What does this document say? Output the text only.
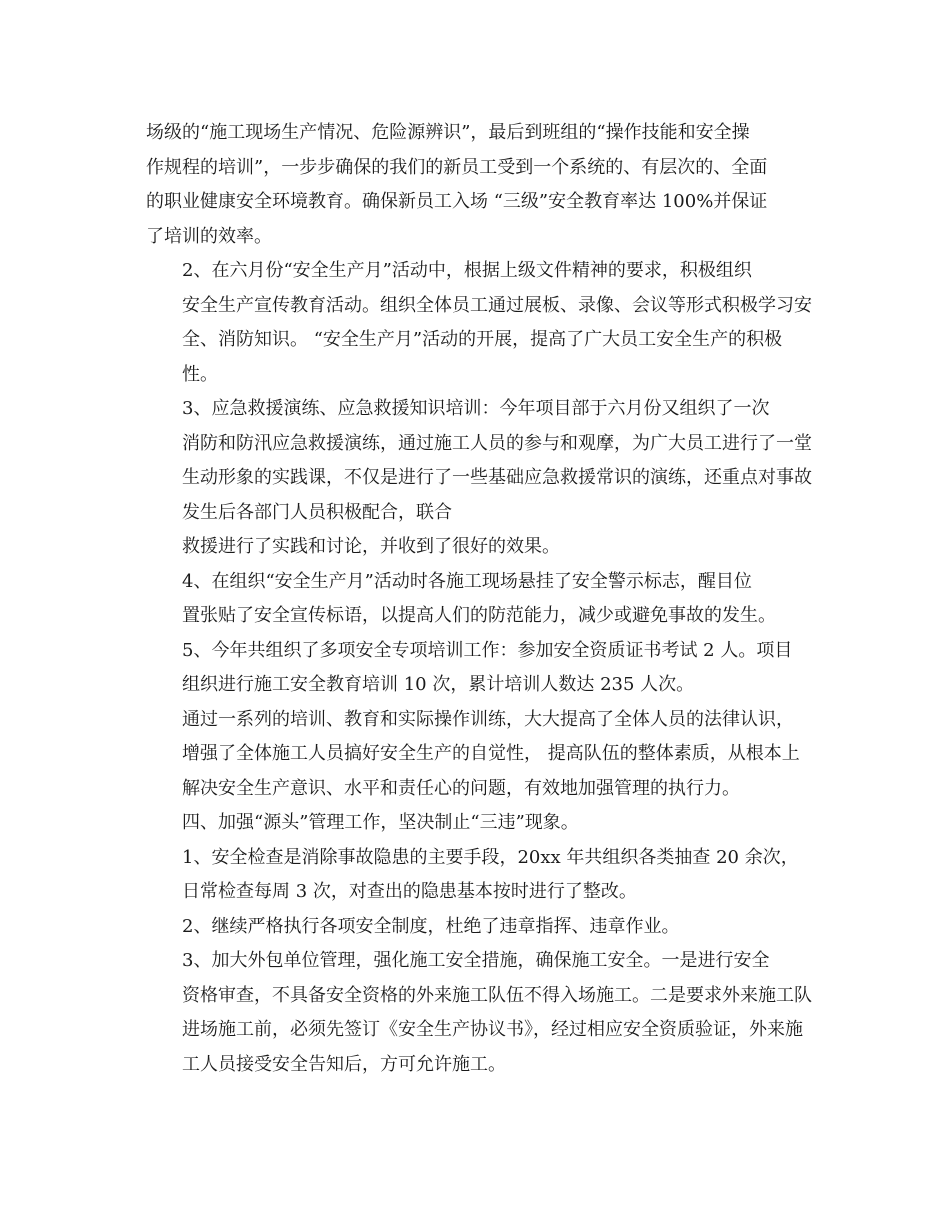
场级的“施工现场生产情况、危险源辨识”，最后到班组的“操作技能和安全操
作规程的培训”，一步步确保的我们的新员工受到一个系统的、有层次的、全面
的职业健康安全环境教育。确保新员工入场 “三级”安全教育率达 100%并保证
了培训的效率。

2、在六月份“安全生产月”活动中，根据上级文件精神的要求，积极组织
安全生产宣传教育活动。组织全体员工通过展板、录像、会议等形式积极学习安
全、消防知识。 “安全生产月”活动的开展，提高了广大员工安全生产的积极
性。

3、应急救援演练、应急救援知识培训：今年项目部于六月份又组织了一次
消防和防汛应急救援演练，通过施工人员的参与和观摩，为广大员工进行了一堂
生动形象的实践课，不仅是进行了一些基础应急救援常识的演练，还重点对事故
发生后各部门人员积极配合，联合

救援进行了实践和讨论，并收到了很好的效果。

4、在组织“安全生产月”活动时各施工现场悬挂了安全警示标志，醒目位
置张贴了安全宣传标语，以提高人们的防范能力，减少或避免事故的发生。

5、今年共组织了多项安全专项培训工作：参加安全资质证书考试 2 人。项目
组织进行施工安全教育培训 10 次，累计培训人数达 235 人次。

通过一系列的培训、教育和实际操作训练，大大提高了全体人员的法律认识，
增强了全体施工人员搞好安全生产的自觉性， 提高队伍的整体素质，从根本上
解决安全生产意识、水平和责任心的问题，有效地加强管理的执行力。

四、加强“源头”管理工作，坚决制止“三违”现象。

1、安全检查是消除事故隐患的主要手段，20xx 年共组织各类抽查 20 余次，
日常检查每周 3 次，对查出的隐患基本按时进行了整改。

2、继续严格执行各项安全制度，杜绝了违章指挥、违章作业。

3、加大外包单位管理，强化施工安全措施，确保施工安全。一是进行安全
资格审查，不具备安全资格的外来施工队伍不得入场施工。二是要求外来施工队
进场施工前，必须先签订《安全生产协议书》，经过相应安全资质验证，外来施
工人员接受安全告知后，方可允许施工。
